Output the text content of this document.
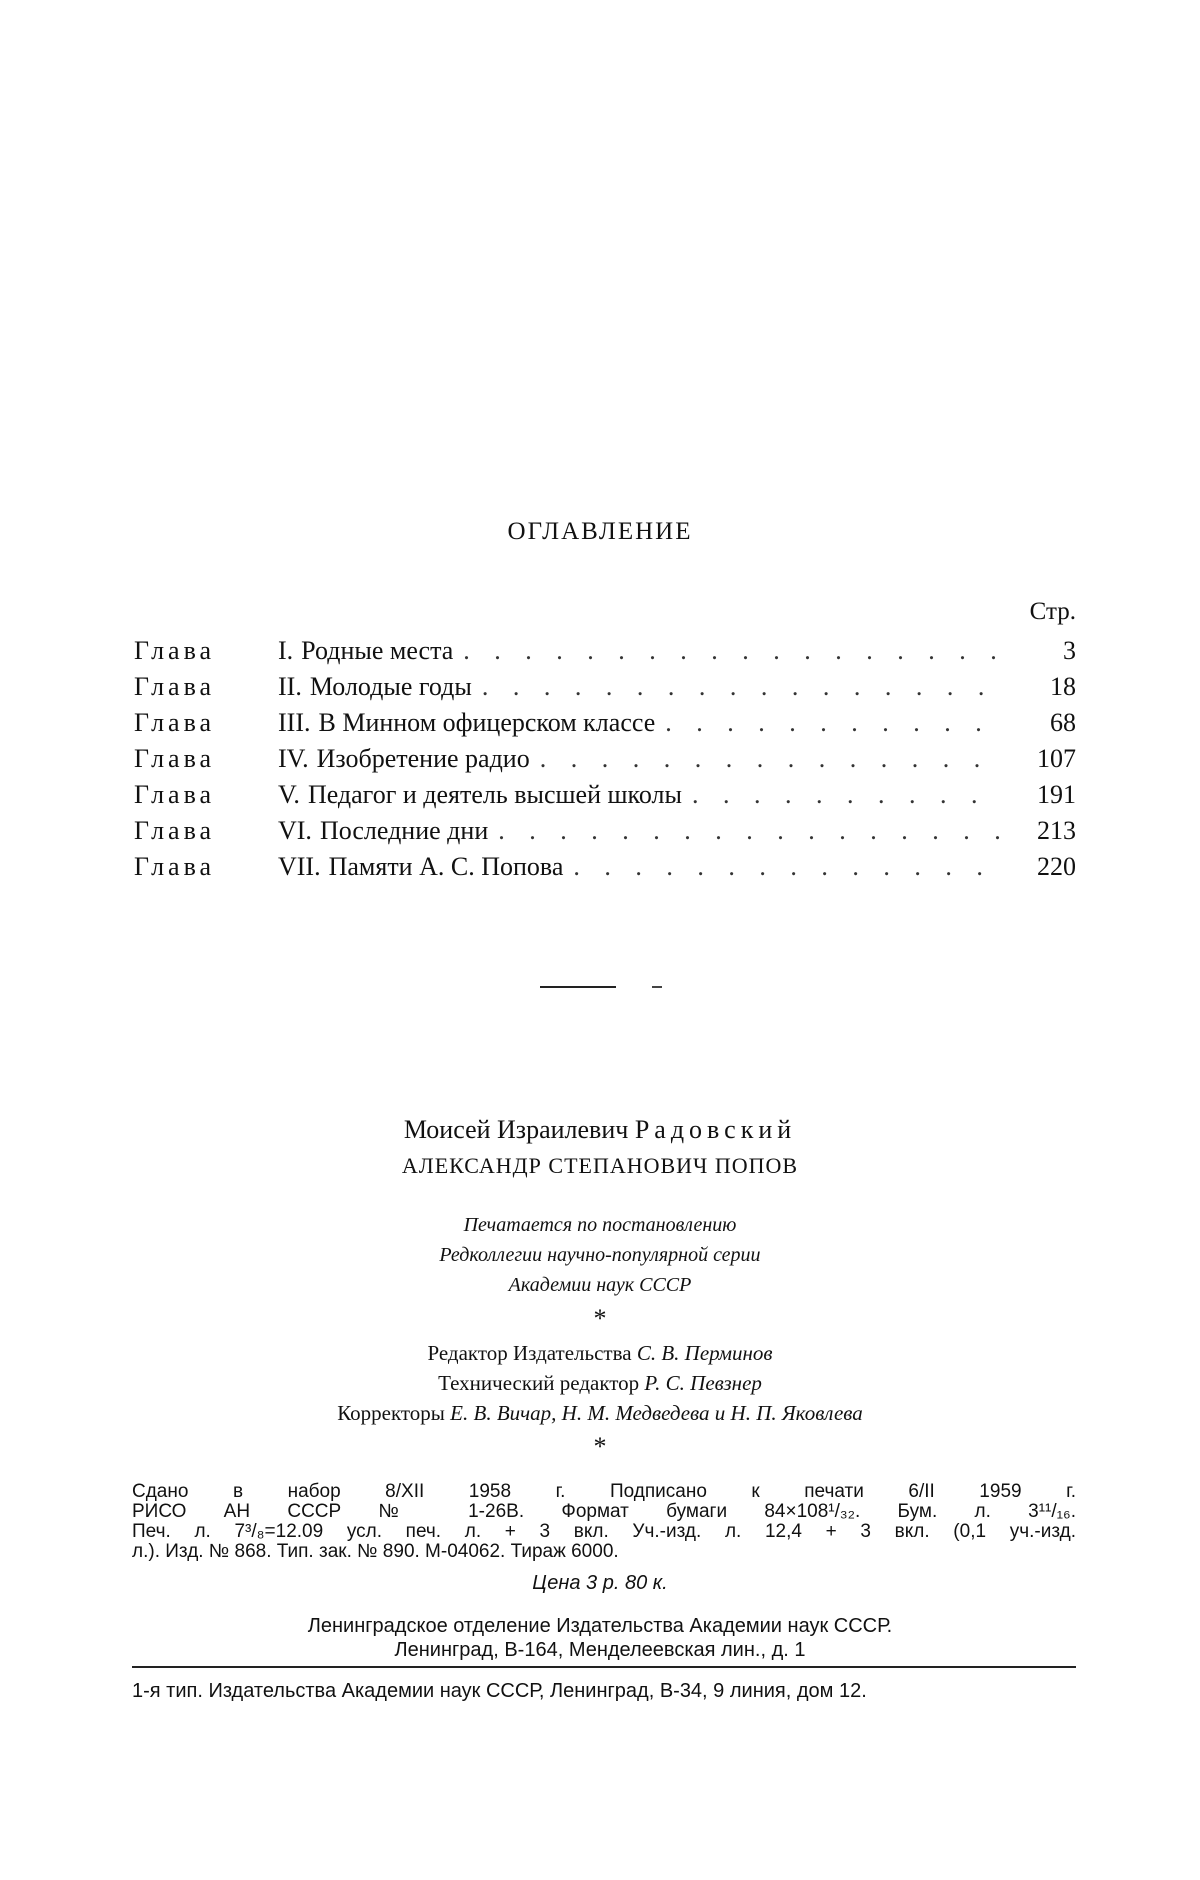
ОГЛАВЛЕНИЕ
Стр.
Глава	I. Родные места . . .	3
Глава	II. Молодые годы . . .	18
Глава	III. В Минном офицерском классе . . .	68
Глава	IV. Изобретение радио . . .	107
Глава	V. Педагог и деятель высшей школы . . .	191
Глава	VI. Последние дни . . .	213
Глава	VII. Памяти А. С. Попова . . .	220
Моисей Израилевич Радовский
АЛЕКСАНДР СТЕПАНОВИЧ ПОПОВ
Печатается по постановлению
Редколлегии научно-популярной серии
Академии наук СССР
*
Редактор Издательства С. В. Перминов
Технический редактор Р. С. Певзнер
Корректоры Е. В. Вичар, Н. М. Медведева и Н. П. Яковлева
*
Сдано в набор 8/XII 1958 г. Подписано к печати 6/II 1959 г.
РИСО АН СССР № 1-26В. Формат бумаги 84×108¹/₃₂. Бум. л. 3¹¹/₁₆.
Печ. л. 7³/₈=12.09 усл. печ. л. + 3 вкл. Уч.-изд. л. 12,4 + 3 вкл. (0,1 уч.-изд.
л.). Изд. № 868. Тип. зак. № 890. М-04062. Тираж 6000.
Цена 3 р. 80 к.
Ленинградское отделение Издательства Академии наук СССР.
Ленинград, В-164, Менделеевская лин., д. 1
1-я тип. Издательства Академии наук СССР, Ленинград, В-34, 9 линия, дом 12.
